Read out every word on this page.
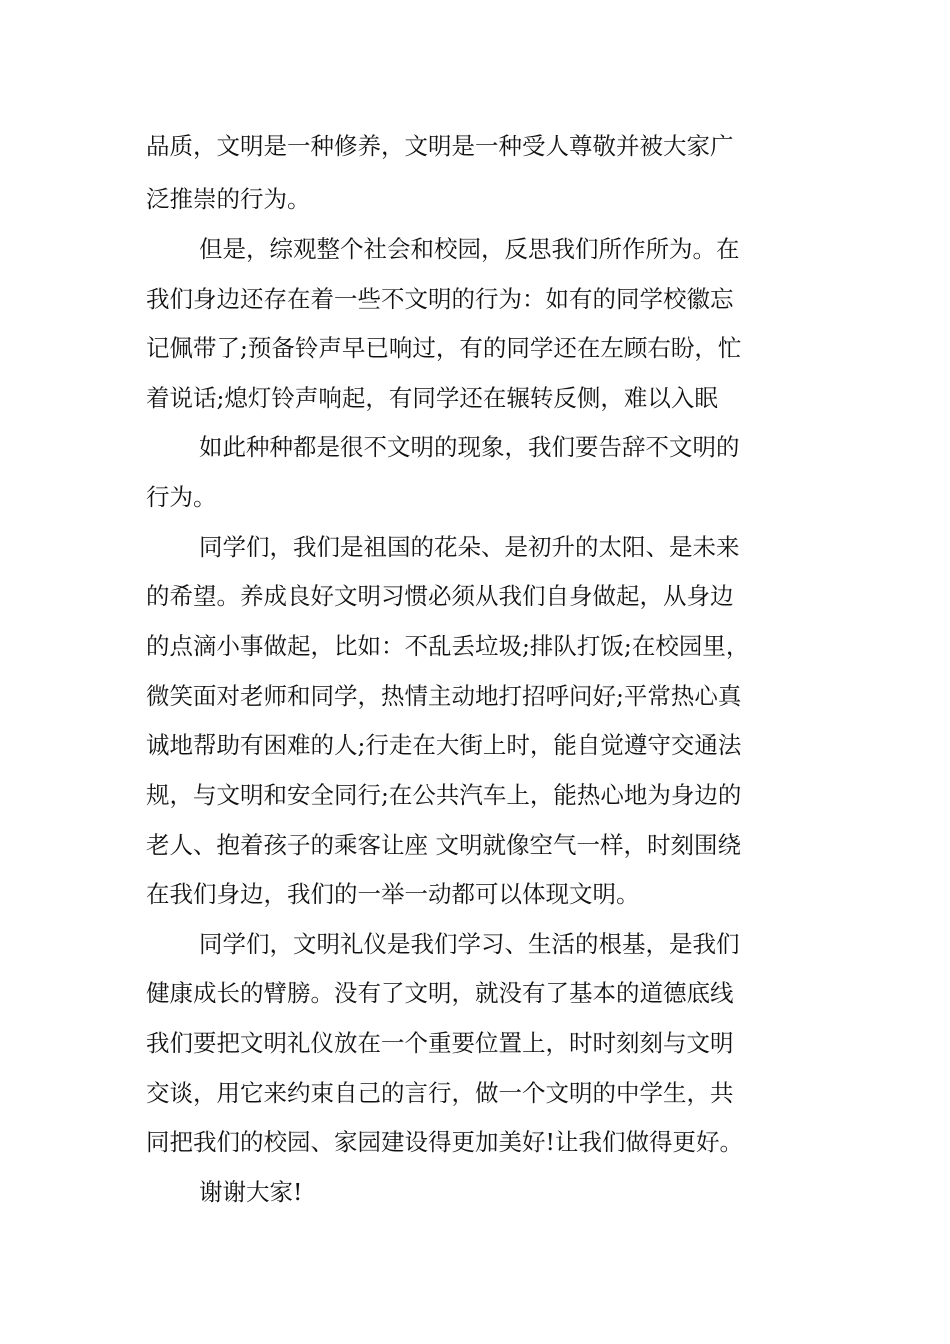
品质，文明是一种修养，文明是一种受人尊敬并被大家广
泛推崇的行为。
但是，综观整个社会和校园，反思我们所作所为。在
我们身边还存在着一些不文明的行为：如有的同学校徽忘
记佩带了;预备铃声早已响过，有的同学还在左顾右盼，忙
着说话;熄灯铃声响起，有同学还在辗转反侧，难以入眠
如此种种都是很不文明的现象，我们要告辞不文明的
行为。
同学们，我们是祖国的花朵、是初升的太阳、是未来
的希望。养成良好文明习惯必须从我们自身做起，从身边
的点滴小事做起，比如：不乱丢垃圾;排队打饭;在校园里，
微笑面对老师和同学，热情主动地打招呼问好;平常热心真
诚地帮助有困难的人;行走在大街上时，能自觉遵守交通法
规，与文明和安全同行;在公共汽车上，能热心地为身边的
老人、抱着孩子的乘客让座 文明就像空气一样，时刻围绕
在我们身边，我们的一举一动都可以体现文明。
同学们，文明礼仪是我们学习、生活的根基，是我们
健康成长的臂膀。没有了文明，就没有了基本的道德底线
我们要把文明礼仪放在一个重要位置上，时时刻刻与文明
交谈，用它来约束自己的言行，做一个文明的中学生，共
同把我们的校园、家园建设得更加美好!让我们做得更好。
谢谢大家!
